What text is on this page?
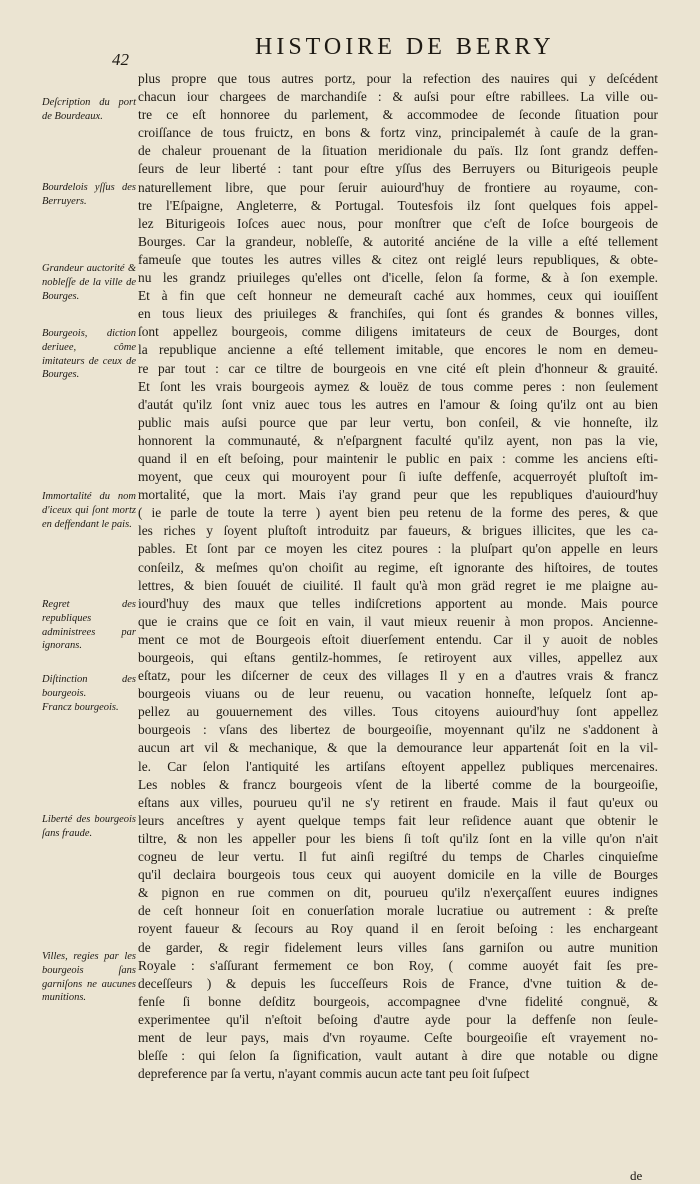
42	HISTOIRE DE BERRY
Deſcription du port de Bourdeaux.
Bourdelois yſſus des Berruyers.
Grandeur auctorité & nobleſſe de la ville de Bourges.
Bourgeois, diction deriuee, côme imitateurs de ceux de Bourges.
Immortalité du nom d'iceux qui ſont mortz en deffendant le pais.
Regret des republiques administrees par ignorans.
Diſtinction des bourgeois.
Francz bourgeois.
Liberté des bourgeois ſans fraude.
Villes, regies par les bourgeois ſans garniſons ne aucunes munitions.
plus propre que tous autres portz, pour la refection des nauires qui y deſcédent
chacun iour chargees de marchandiſe : & auſsi pour eſtre rabillees. La ville ou-
tre ce eſt honnoree du parlement, & accommodee de ſeconde ſituation pour
croiſſance de tous fruictz, en bons & fortz vinz, principalemét à cauſe de la gran-
de chaleur prouenant de la ſituation meridionale du païs. Ilz ſont grandz deffen-
ſeurs de leur liberté : tant pour eſtre yſſus des Berruyers ou Biturigeois peuple
naturellement libre, que pour ſeruir auiourd'huy de frontiere au royaume, con-
tre l'Eſpaigne, Angleterre, & Portugal. Toutesfois ilz ſont quelques fois appel-
lez Biturigeois Ioſces auec nous, pour monſtrer que c'eſt de Ioſce bourgeois de
Bourges. Car la grandeur, nobleſſe, & autorité anciéne de la ville a eſté tellement
fameuſe que toutes les autres villes & citez ont reiglé leurs republiques, & obte-
nu les grandz priuileges qu'elles ont d'icelle, ſelon ſa forme, & à ſon exemple.
Et à fin que ceſt honneur ne demeuraſt caché aux hommes, ceux qui iouiſſent
en tous lieux des priuileges & franchiſes, qui ſont és grandes & bonnes villes,
ſont appellez bourgeois, comme diligens imitateurs de ceux de Bourges, dont
la republique ancienne a eſté tellement imitable, que encores le nom en demeu-
re par tout : car ce tiltre de bourgeois en vne cité eſt plein d'honneur & grauité.
Et ſont les vrais bourgeois aymez & louëz de tous comme peres : non ſeulement
d'autát qu'ilz ſont vniz auec tous les autres en l'amour & ſoing qu'ilz ont au bien
public mais auſsi pource que par leur vertu, bon conſeil, & vie honneſte, ilz
honnorent la communauté, & n'eſpargnent faculté qu'ilz ayent, non pas la vie,
quand il en eſt beſoing, pour maintenir le public en paix : comme les anciens eſti-
moyent, que ceux qui mouroyent pour ſi iuſte deffenſe, acquerroyét pluſtoſt im-
mortalité, que la mort. Mais i'ay grand peur que les republiques d'auiourd'huy
( ie parle de toute la terre ) ayent bien peu retenu de la forme des peres, & que
les riches y ſoyent pluſtoſt introduitz par faueurs, & brigues illicites, que les ca-
pables. Et ſont par ce moyen les citez poures : la pluſpart qu'on appelle en leurs
conſeilz, & meſmes qu'on choiſit au regime, eſt ignorante des hiſtoires, de toutes
lettres, & bien ſouuét de ciuilité. Il fault qu'à mon gräd regret ie me plaigne au-
iourd'huy des maux que telles indiſcretions apportent au monde. Mais pource
que ie crains que ce ſoit en vain, il vaut mieux reuenir à mon propos. Ancienne-
ment ce mot de Bourgeois eſtoit diuerſement entendu. Car il y auoit de nobles
bourgeois, qui eſtans gentilz-hommes, ſe retiroyent aux villes, appellez aux
eſtatz, pour les diſcerner de ceux des villages Il y en a d'autres vrais & francz
bourgeois viuans ou de leur reuenu, ou vacation honneſte, leſquelz ſont ap-
pellez au gouuernement des villes. Tous citoyens auiourd'huy ſont appellez
bourgeois : vſans des libertez de bourgeoiſie, moyennant qu'ilz ne s'addonent à
aucun art vil & mechanique, & que la demourance leur appartenát ſoit en la vil-
le. Car ſelon l'antiquité les artiſans eſtoyent appellez publiques mercenaires.
Les nobles & francz bourgeois vſent de la liberté comme de la bourgeoiſie,
eſtans aux villes, pourueu qu'il ne s'y retirent en fraude. Mais il faut qu'eux ou
leurs anceſtres y ayent quelque temps fait leur reſidence auant que obtenir le
tiltre, & non les appeller pour les biens ſi toſt qu'ilz ſont en la ville qu'on n'ait
cogneu de leur vertu. Il fut ainſi regiſtré du temps de Charles cinquieſme
qu'il declaira bourgeois tous ceux qui auoyent domicile en la ville de Bourges
& pignon en rue commen on dit, pourueu qu'ilz n'exerçaſſent euures indignes
de ceſt honneur ſoit en conuerſation morale lucratiue ou autrement : & preſte
royent faueur & ſecours au Roy quand il en ſeroit beſoing : les enchargeant
de garder, & regir fidelement leurs villes ſans garniſon ou autre munition
Royale : s'aſſurant fermement ce bon Roy, ( comme auoyét fait ſes pre-
deceſſeurs ) & depuis les ſucceſſeurs Rois de France, d'vne tuition & de-
fenſe ſi bonne deſditz bourgeois, accompagnee d'vne fidelité congnuë, &
experimentee qu'il n'eſtoit beſoing d'autre ayde pour la deffenſe non ſeule-
ment de leur pays, mais d'vn royaume. Ceſte bourgeoiſie eſt vrayement no-
bleſſe : qui ſelon ſa ſignification, vault autant à dire que notable ou digne
depreference par ſa vertu, n'ayant commis aucun acte tant peu ſoit ſuſpect
de
